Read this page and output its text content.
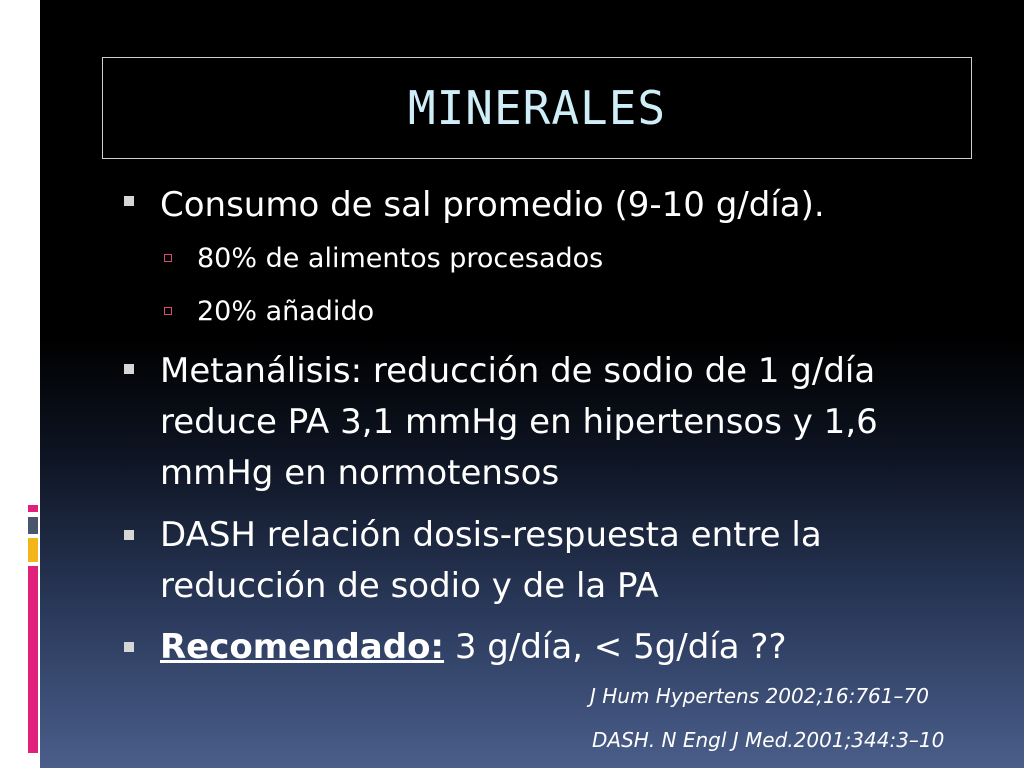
MINERALES
Consumo de sal promedio (9-10 g/día).
80% de alimentos procesados
20% añadido
Metanálisis: reducción de sodio de 1 g/día reduce PA 3,1 mmHg en hipertensos y 1,6 mmHg en normotensos
DASH relación dosis-respuesta entre la reducción de sodio y de la PA
Recomendado: 3 g/día, < 5g/día ??
J Hum Hypertens 2002;16:761–70
DASH. N Engl J Med.2001;344:3–10
